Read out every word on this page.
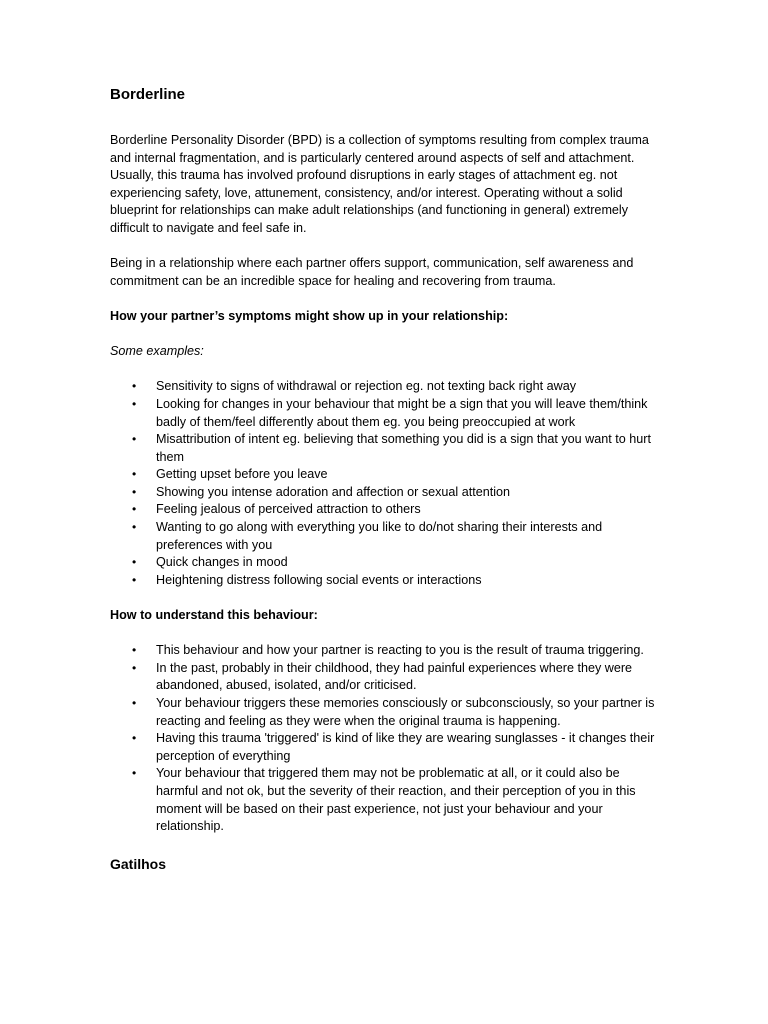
Borderline

Borderline Personality Disorder (BPD) is a collection of symptoms resulting from complex trauma and internal fragmentation, and is particularly centered around aspects of self and attachment. Usually, this trauma has involved profound disruptions in early stages of attachment eg. not experiencing safety, love, attunement, consistency, and/or interest. Operating without a solid blueprint for relationships can make adult relationships (and functioning in general) extremely difficult to navigate and feel safe in.

Being in a relationship where each partner offers support, communication, self awareness and commitment can be an incredible space for healing and recovering from trauma.

How your partner’s symptoms might show up in your relationship:

Some examples:

• Sensitivity to signs of withdrawal or rejection eg. not texting back right away
• Looking for changes in your behaviour that might be a sign that you will leave them/think badly of them/feel differently about them eg. you being preoccupied at work
• Misattribution of intent eg. believing that something you did is a sign that you want to hurt them
• Getting upset before you leave
• Showing you intense adoration and affection or sexual attention
• Feeling jealous of perceived attraction to others
• Wanting to go along with everything you like to do/not sharing their interests and preferences with you
• Quick changes in mood
• Heightening distress following social events or interactions

How to understand this behaviour:

• This behaviour and how your partner is reacting to you is the result of trauma triggering.
• In the past, probably in their childhood, they had painful experiences where they were abandoned, abused, isolated, and/or criticised.
• Your behaviour triggers these memories consciously or subconsciously, so your partner is reacting and feeling as they were when the original trauma is happening.
• Having this trauma 'triggered' is kind of like they are wearing sunglasses - it changes their perception of everything
• Your behaviour that triggered them may not be problematic at all, or it could also be harmful and not ok, but the severity of their reaction, and their perception of you in this moment will be based on their past experience, not just your behaviour and your relationship.
Gatilhos
